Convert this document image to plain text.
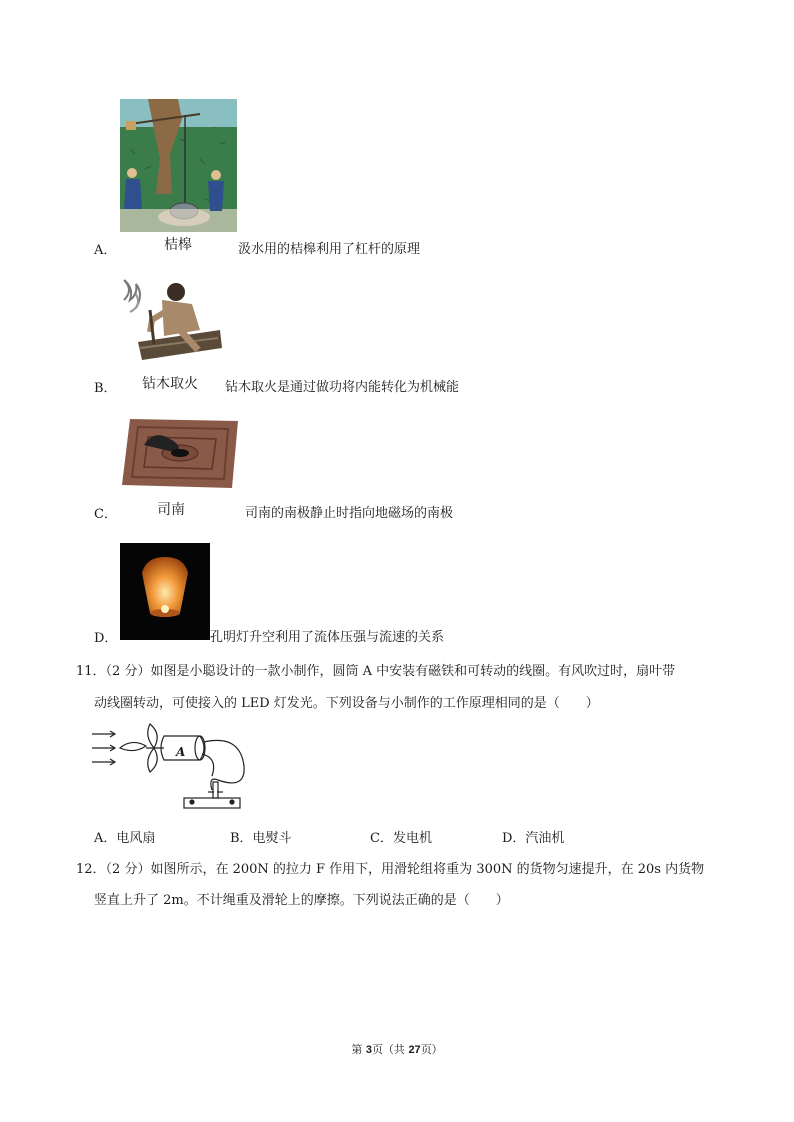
桔槔
A．	汲水用的桔槔利用了杠杆的原理
钻木取火
B．	钻木取火是通过做功将内能转化为机械能
司南
C．	司南的南极静止时指向地磁场的南极
D．	孔明灯升空利用了流体压强与流速的关系
11．（2 分）如图是小聪设计的一款小制作，圆筒 A 中安装有磁铁和可转动的线圈。有风吹过时，扇叶带
动线圈转动，可使接入的 LED 灯发光。下列设备与小制作的工作原理相同的是（　　）
A
A．电风扇	B．电熨斗	C．发电机	D．汽油机
12．（2 分）如图所示，在 200N 的拉力 F 作用下，用滑轮组将重为 300N 的货物匀速提升，在 20s 内货物
竖直上升了 2m。不计绳重及滑轮上的摩擦。下列说法正确的是（　　）
第 3页（共 27页）
